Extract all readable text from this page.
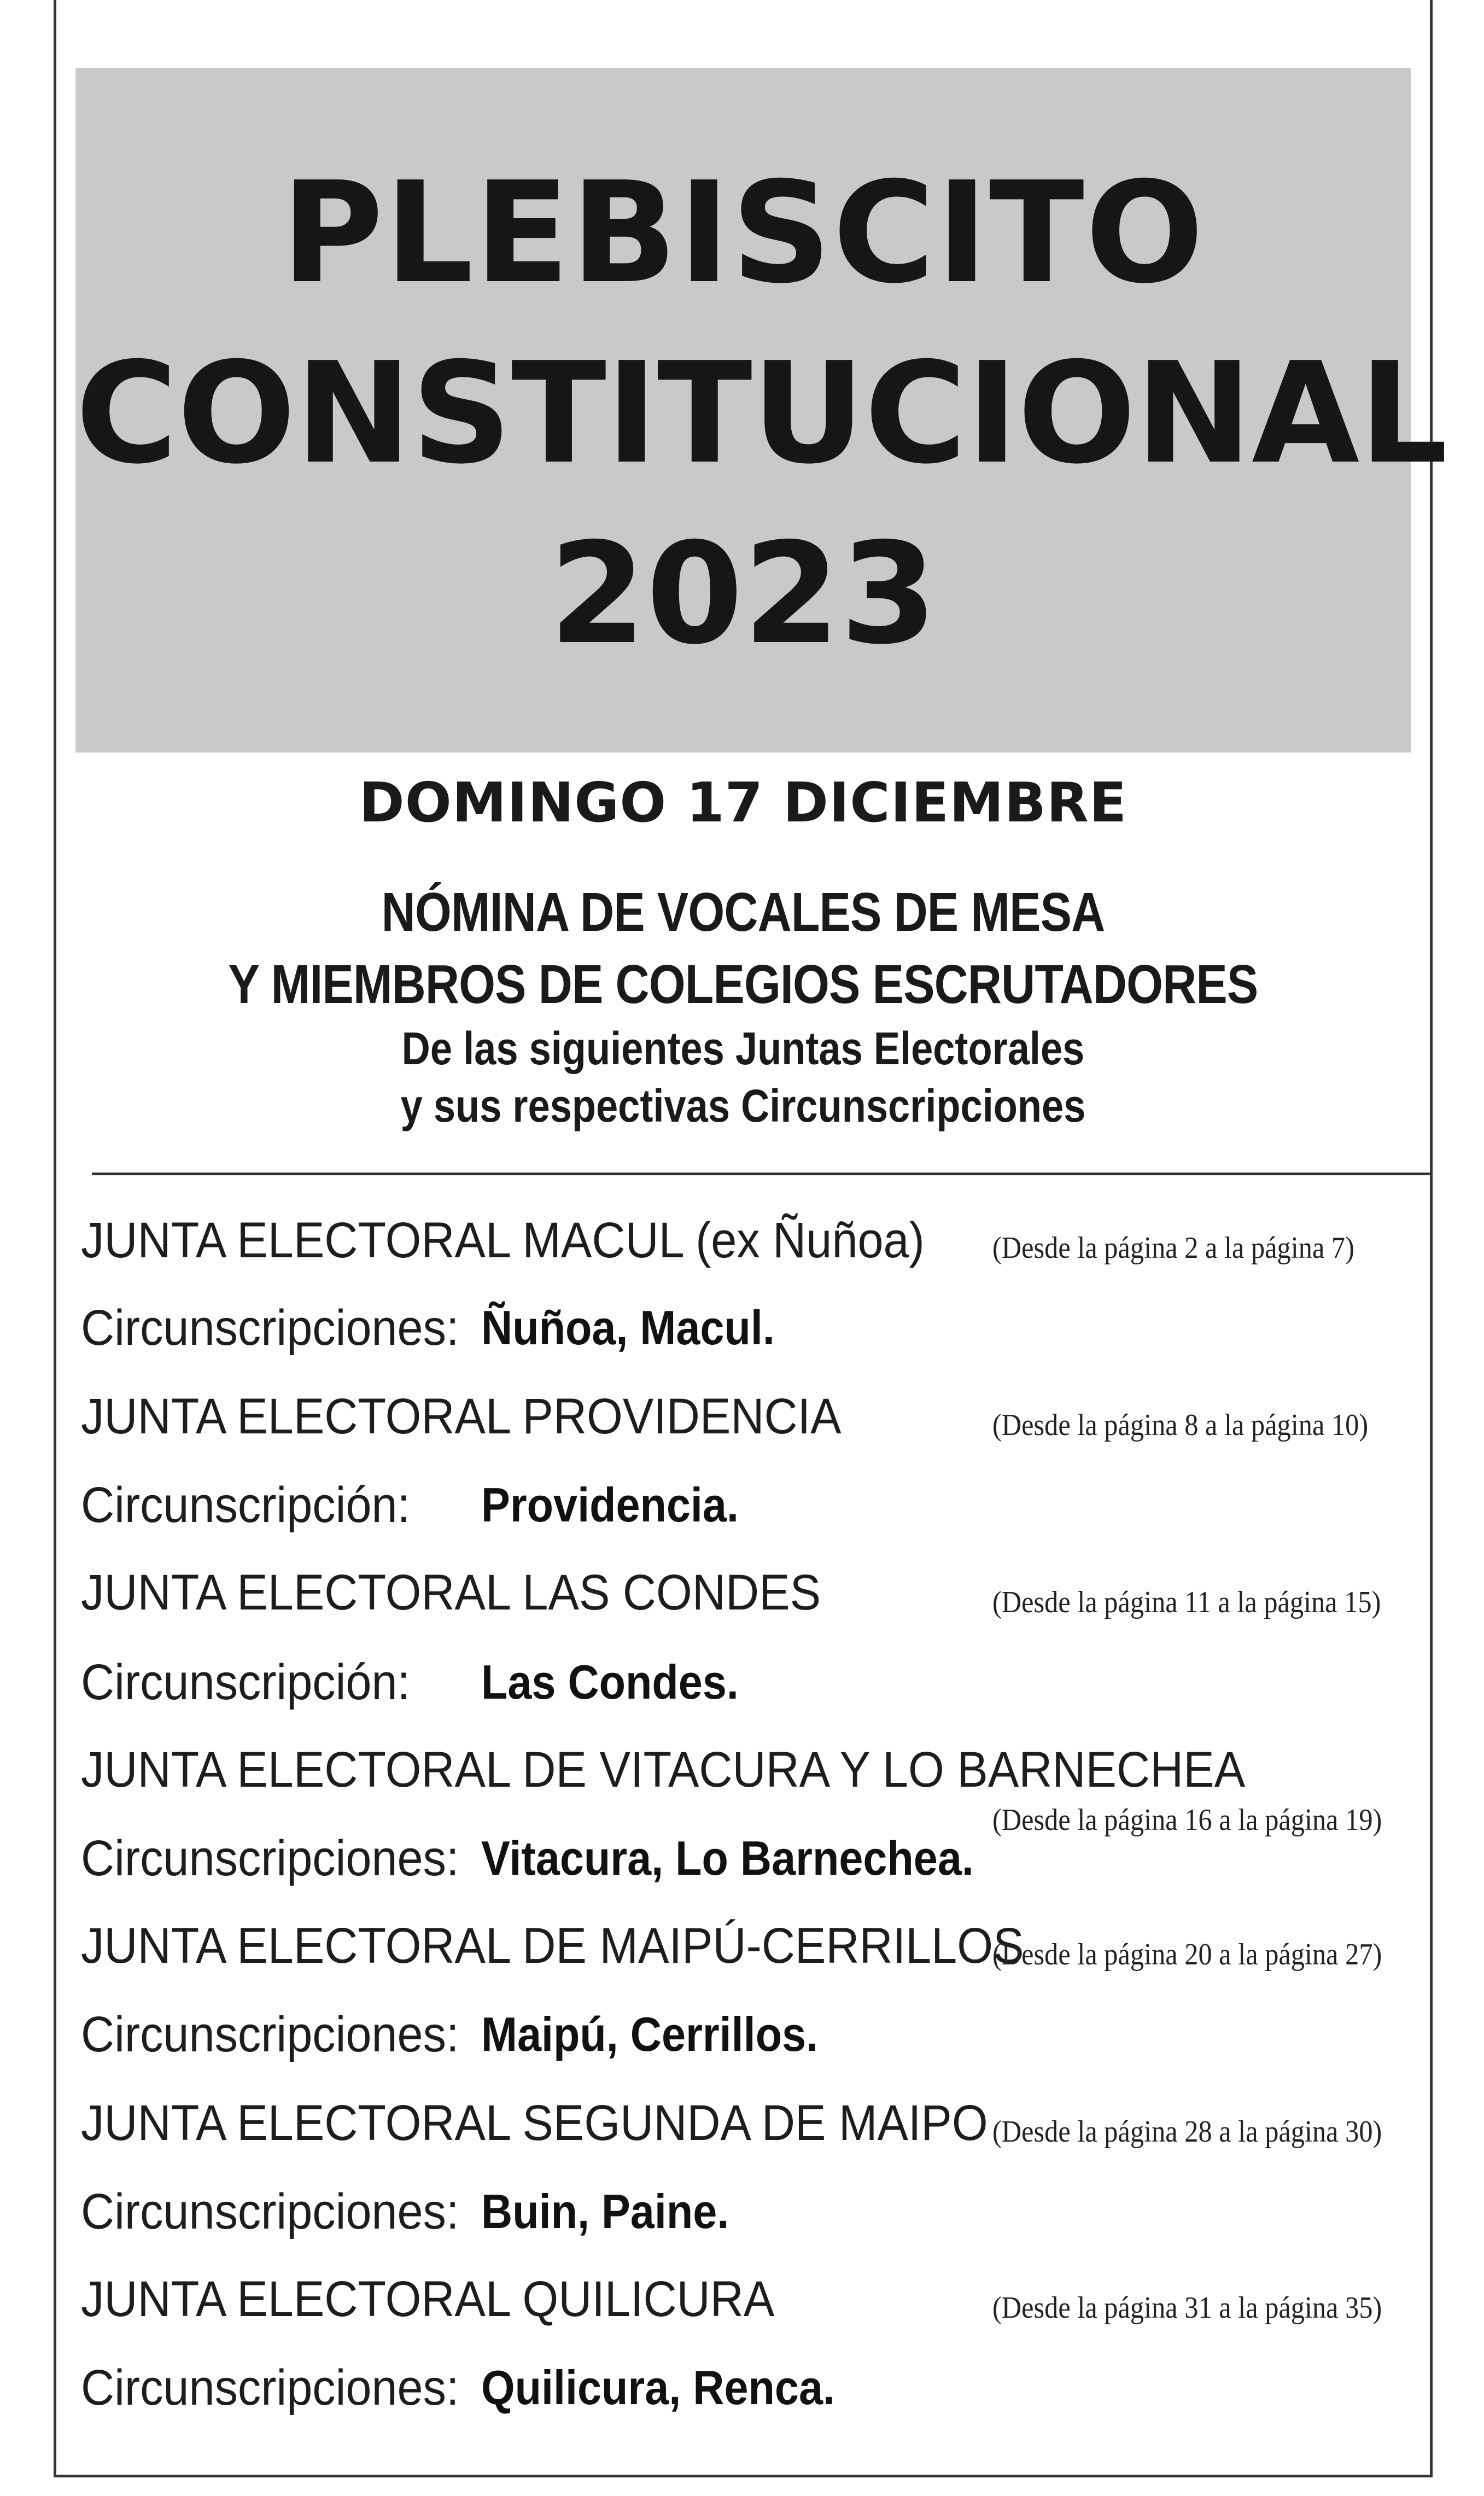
PLEBISCITO
CONSTITUCIONAL
2023
DOMINGO 17 DICIEMBRE
NÓMINA DE VOCALES DE MESA
Y MIEMBROS DE COLEGIOS ESCRUTADORES
De las siguientes Juntas Electorales
y sus respectivas Circunscripciones
JUNTA ELECTORAL MACUL (ex Ñuñoa) (Desde la página 2 a la página 7)
Circunscripciones: Ñuñoa, Macul.
JUNTA ELECTORAL PROVIDENCIA	(Desde la página 8 a la página 10)
Circunscripción: Providencia.
JUNTA ELECTORAL LAS CONDES	(Desde la página 11 a la página 15)
Circunscripción: Las Condes.
JUNTA ELECTORAL DE VITACURA Y LO BARNECHEA
(Desde la página 16 a la página 19)
Circunscripciones: Vitacura, Lo Barnechea.
JUNTA ELECTORAL DE MAIPÚ-CERRILLOS
(Desde la página 20 a la página 27)
Circunscripciones: Maipú, Cerrillos.
JUNTA ELECTORAL SEGUNDA DE MAIPO (Desde la página 28 a la página 30)
Circunscripciones: Buin, Paine.
JUNTA ELECTORAL QUILICURA	(Desde la página 31 a la página 35)
Circunscripciones: Quilicura, Renca.
